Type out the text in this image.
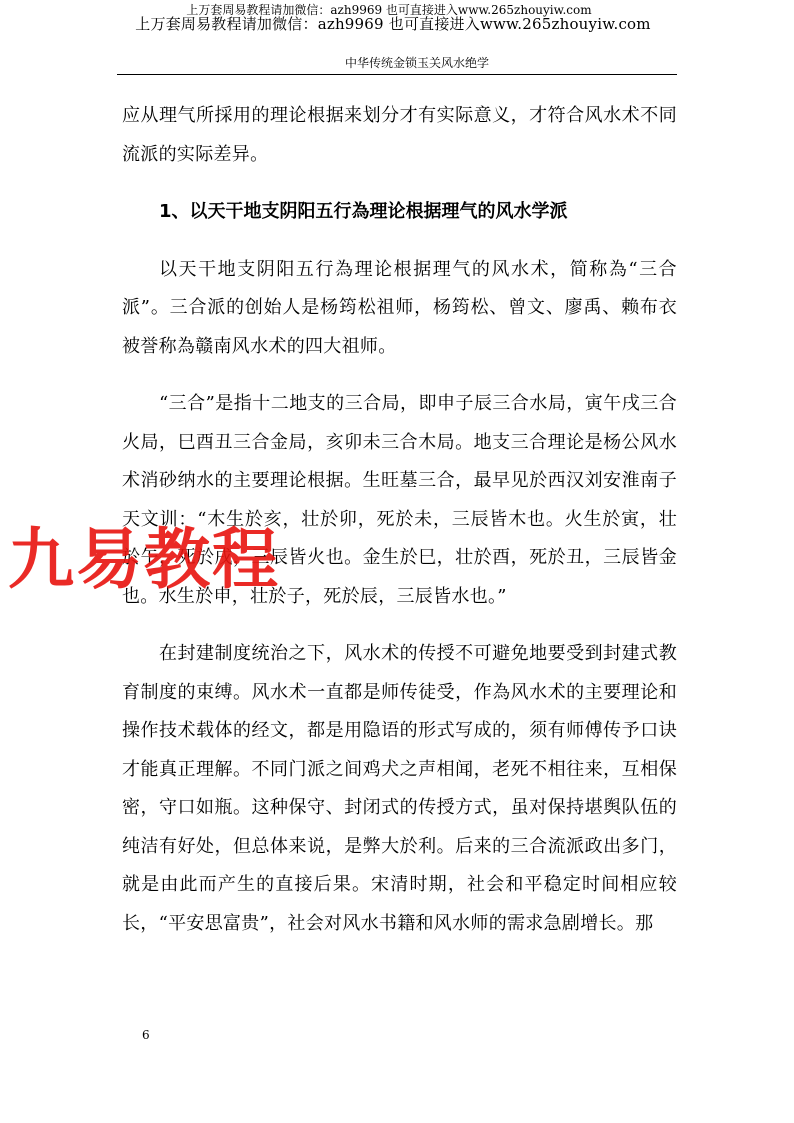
上万套周易教程请加微信：azh9969 也可直接进入www.265zhouyiw.com
上万套周易教程请加微信：azh9969 也可直接进入www.265zhouyiw.com
中华传统金锁玉关风水绝学

应从理气所採用的理论根据来划分才有实际意义，才符合风水术不同流派的实际差异。

1、以天干地支阴阳五行為理论根据理气的风水学派

以天干地支阴阳五行為理论根据理气的风水术，简称為“三合派”。三合派的创始人是杨筠松祖师，杨筠松、曾文、廖禹、赖布衣被誉称為赣南风水术的四大祖师。

“三合”是指十二地支的三合局，即申子辰三合水局，寅午戌三合火局，巳酉丑三合金局，亥卯未三合木局。地支三合理论是杨公风水术消砂纳水的主要理论根据。生旺墓三合，最早见於西汉刘安淮南子天文训：“木生於亥，壮於卯，死於未，三辰皆木也。火生於寅，壮於午，死於戌，三辰皆火也。金生於巳，壮於酉，死於丑，三辰皆金也。水生於申，壮於子，死於辰，三辰皆水也。”

在封建制度统治之下，风水术的传授不可避免地要受到封建式教育制度的束缚。风水术一直都是师传徒受，作為风水术的主要理论和操作技术载体的经文，都是用隐语的形式写成的，须有师傅传予口诀才能真正理解。不同门派之间鸡犬之声相闻，老死不相往来，互相保密，守口如瓶。这种保守、封闭式的传授方式，虽对保持堪舆队伍的纯洁有好处，但总体来说，是弊大於利。后来的三合流派政出多门，就是由此而产生的直接后果。宋清时期，社会和平稳定时间相应较长，“平安思富贵”，社会对风水书籍和风水师的需求急剧增长。那

九易教程
6
